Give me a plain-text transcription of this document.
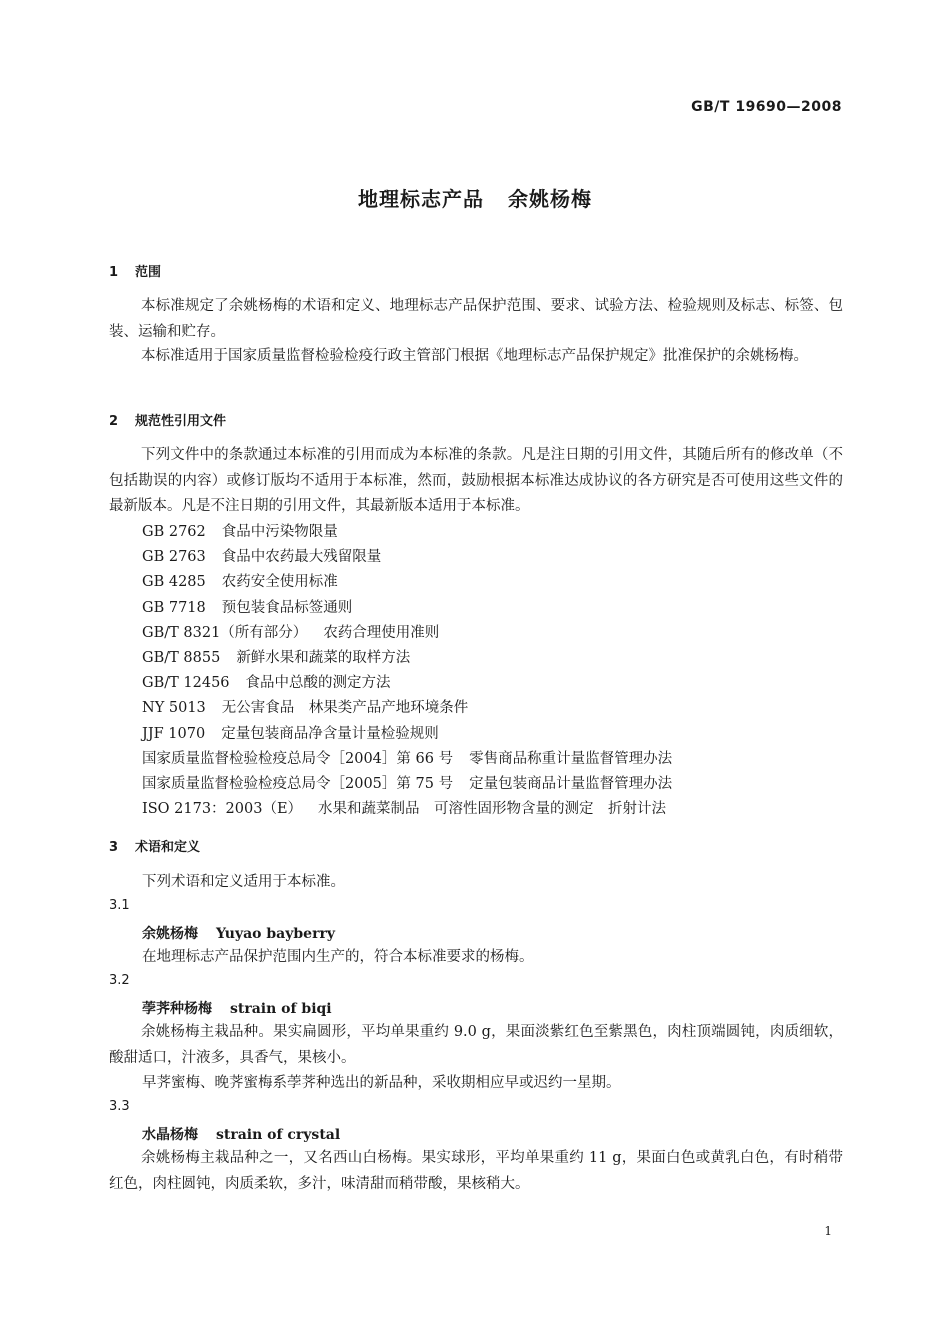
GB/T 19690—2008
地理标志产品 余姚杨梅
1 范围
本标准规定了余姚杨梅的术语和定义、地理标志产品保护范围、要求、试验方法、检验规则及标志、标签、包装、运输和贮存。
本标准适用于国家质量监督检验检疫行政主管部门根据《地理标志产品保护规定》批准保护的余姚杨梅。
2 规范性引用文件
下列文件中的条款通过本标准的引用而成为本标准的条款。凡是注日期的引用文件，其随后所有的修改单（不包括勘误的内容）或修订版均不适用于本标准，然而，鼓励根据本标准达成协议的各方研究是否可使用这些文件的最新版本。凡是不注日期的引用文件，其最新版本适用于本标准。
GB 2762 食品中污染物限量
GB 2763 食品中农药最大残留限量
GB 4285 农药安全使用标准
GB 7718 预包装食品标签通则
GB/T 8321（所有部分） 农药合理使用准则
GB/T 8855 新鲜水果和蔬菜的取样方法
GB/T 12456 食品中总酸的测定方法
NY 5013 无公害食品　林果类产品产地环境条件
JJF 1070 定量包装商品净含量计量检验规则
国家质量监督检验检疫总局令［2004］第 66 号 零售商品称重计量监督管理办法
国家质量监督检验检疫总局令［2005］第 75 号 定量包装商品计量监督管理办法
ISO 2173：2003（E） 水果和蔬菜制品　可溶性固形物含量的测定　折射计法
3 术语和定义
下列术语和定义适用于本标准。
3.1
余姚杨梅 Yuyao bayberry
在地理标志产品保护范围内生产的，符合本标准要求的杨梅。
3.2
荸荠种杨梅 strain of biqi
余姚杨梅主栽品种。果实扁圆形，平均单果重约 9.0 g，果面淡紫红色至紫黑色，肉柱顶端圆钝，肉质细软，酸甜适口，汁液多，具香气，果核小。
早荠蜜梅、晚荠蜜梅系荸荠种选出的新品种，采收期相应早或迟约一星期。
3.3
水晶杨梅 strain of crystal
余姚杨梅主栽品种之一，又名西山白杨梅。果实球形，平均单果重约 11 g，果面白色或黄乳白色，有时稍带红色，肉柱圆钝，肉质柔软，多汁，味清甜而稍带酸，果核稍大。
1
